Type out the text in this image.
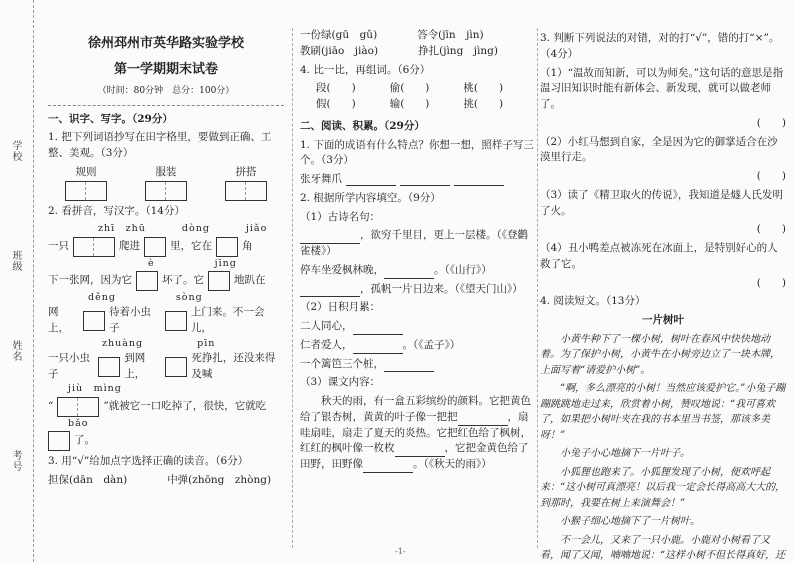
学校
班级
姓名
考号
徐州邳州市英华路实验学校
第一学期期末试卷
（时间：80分钟　总分：100分）

一、识字、写字。（29分）

1. 把下列词语抄写在田字格里，要做到正确、工整、美观。（3分）

规则	服装	拼搭

2. 看拼音，写汉字。（14分）

zhī　zhū	dòng	jiǎo
一只	爬进	里，它在	角
è	jīng
下一张网，因为它	坏了。它	地趴在
děng	sòng
网上，
待着小虫子
上门来。不一会儿，
zhuàng	pīn
一只小虫子
到网上，
死挣扎，还没来得及喊
jiù　mìng
“	”就被它一口吃掉了，很快，它就吃
bǎo
了。

3. 用“√”给加点字选择正确的读音。（6分）

担保(dān　dàn)	中弹(zhōng　zhòng)
一份绿(gū　gǔ)	答令(jīn　jìn)
教刷(jiāo　jiào)	挣扎(jìng　jìng)

4. 比一比，再组词。（6分）

段(　　)	偷(　　)	桃(　　)
假(　　)	输(　　)	挑(　　)

二、阅读、积累。（29分）

1. 下面的成语有什么特点？你想一想，照样子写三个。（3分）

张牙舞爪

2. 根据所学内容填空。（9分）

（1）古诗名句：

，欲穷千里目，更上一层楼。（《登鹳雀楼》）

停车坐爱枫林晚，	。（《山行》）

，孤帆一片日边来。（《望天门山》）

（2）日积月累：

二人同心，

仁者爱人，	。（《孟子》）

一个篱笆三个桩，

（3）课文内容：

秋天的雨，有一盒五彩缤纷的颜料。它把黄色给了银杏树，黄黄的叶子像一把把	，扇哇扇哇，扇走了夏天的炎热。它把红色给了枫树，红红的枫叶像一枚枚	，它把金黄色给了田野，田野像	。（《秋天的雨》）

3. 判断下列说法的对错，对的打“√”，错的打“×”。（4分）

（1）“温故而知新，可以为师矣。”这句话的意思是指温习旧知识时能有新体会、新发现，就可以做老师了。

(　　)

（2）小红马想到自家，全是因为它的御掌适合在沙漠里行走。

(　　)

（3）读了《精卫取火的传说》，我知道是燧人氏发明了火。

(　　)

（4）丑小鸭差点被冻死在冰面上，是特别好心的人救了它。

(　　)

4. 阅读短文。（13分）

一片树叶

小黄牛种下了一棵小树，树叶在春风中快快地动着。为了保护小树，小黄牛在小树旁边立了一块木牌，上面写着“请爱护小树”。

“啊，多么漂亮的小树！当然应该爱护它。”小兔子蹦蹦跳跳地走过来，欣赏着小树，赞叹地说：“我可喜欢了，如果把小树叶夹在我的书本里当书签，那该多美呀！”

小兔子小心地摘下一片叶子。

小狐狸也跑来了。小狐狸发现了小树，便欢呼起来：“这小树可真漂亮！以后我一定会长得高高大大的，到那时，我要在树上来演舞会！”

小猴子细心地摘下了一片树叶。

不一会儿，又来了一只小鹿。小鹿对小树看了又看，闻了又闻，喃喃地说：“这样小树不但长得真好，还

-1-
